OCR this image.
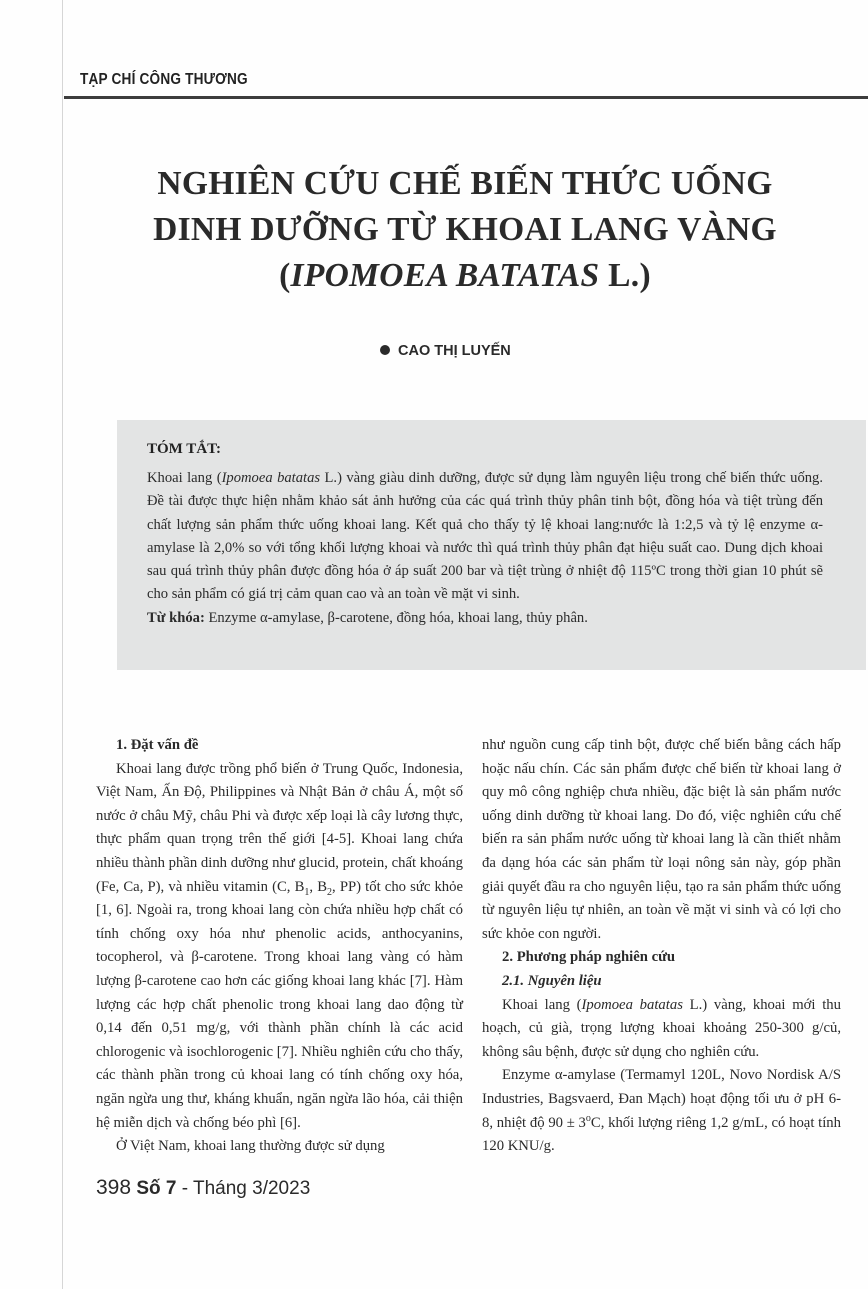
TẠP CHÍ CÔNG THƯƠNG
NGHIÊN CỨU CHẾ BIẾN THỨC UỐNG
DINH DƯỠNG TỪ KHOAI LANG VÀNG
(IPOMOEA BATATAS L.)
CAO THỊ LUYẾN
TÓM TẮT:

Khoai lang (Ipomoea batatas L.) vàng giàu dinh dưỡng, được sử dụng làm nguyên liệu trong chế biến thức uống. Đề tài được thực hiện nhằm khảo sát ảnh hưởng của các quá trình thủy phân tinh bột, đồng hóa và tiệt trùng đến chất lượng sản phẩm thức uống khoai lang. Kết quả cho thấy tỷ lệ khoai lang:nước là 1:2,5 và tỷ lệ enzyme α-amylase là 2,0% so với tổng khối lượng khoai và nước thì quá trình thủy phân đạt hiệu suất cao. Dung dịch khoai sau quá trình thủy phân được đồng hóa ở áp suất 200 bar và tiệt trùng ở nhiệt độ 115ºC trong thời gian 10 phút sẽ cho sản phẩm có giá trị cảm quan cao và an toàn về mặt vi sinh.

Từ khóa: Enzyme α-amylase, β-carotene, đồng hóa, khoai lang, thủy phân.

1. Đặt vấn đề

Khoai lang được trồng phổ biến ở Trung Quốc, Indonesia, Việt Nam, Ấn Độ, Philippines và Nhật Bản ở châu Á, một số nước ở châu Mỹ, châu Phi và được xếp loại là cây lương thực, thực phẩm quan trọng trên thế giới [4-5]. Khoai lang chứa nhiều thành phần dinh dưỡng như glucid, protein, chất khoáng (Fe, Ca, P), và nhiều vitamin (C, $B_1$, $B_2$, PP) tốt cho sức khỏe [1, 6]. Ngoài ra, trong khoai lang còn chứa nhiều hợp chất có tính chống oxy hóa như phenolic acids, anthocyanins, tocopherol, và β-carotene. Trong khoai lang vàng có hàm lượng β-carotene cao hơn các giống khoai lang khác [7]. Hàm lượng các hợp chất phenolic trong khoai lang dao động từ 0,14 đến 0,51 mg/g, với thành phần chính là các acid chlorogenic và isochlorogenic [7]. Nhiều nghiên cứu cho thấy, các thành phần trong củ khoai lang có tính chống oxy hóa, ngăn ngừa ung thư, kháng khuẩn, ngăn ngừa lão hóa, cải thiện hệ miễn dịch và chống béo phì [6].

Ở Việt Nam, khoai lang thường được sử dụng

như nguồn cung cấp tinh bột, được chế biến bằng cách hấp hoặc nấu chín. Các sản phẩm được chế biến từ khoai lang ở quy mô công nghiệp chưa nhiều, đặc biệt là sản phẩm nước uống dinh dưỡng từ khoai lang. Do đó, việc nghiên cứu chế biến ra sản phẩm nước uống từ khoai lang là cần thiết nhằm đa dạng hóa các sản phẩm từ loại nông sản này, góp phần giải quyết đầu ra cho nguyên liệu, tạo ra sản phẩm thức uống từ nguyên liệu tự nhiên, an toàn về mặt vi sinh và có lợi cho sức khỏe con người.

2. Phương pháp nghiên cứu

2.1. Nguyên liệu

Khoai lang (Ipomoea batatas L.) vàng, khoai mới thu hoạch, củ già, trọng lượng khoai khoảng 250-300 g/củ, không sâu bệnh, được sử dụng cho nghiên cứu.

Enzyme α-amylase (Termamyl 120L, Novo Nordisk A/S Industries, Bagsvaerd, Đan Mạch) hoạt động tối ưu ở pH 6-8, nhiệt độ $90 \pm 3^oC$, khối lượng riêng 1,2 g/mL, có hoạt tính 120 KNU/g.

398 Số 7 - Tháng 3/2023
